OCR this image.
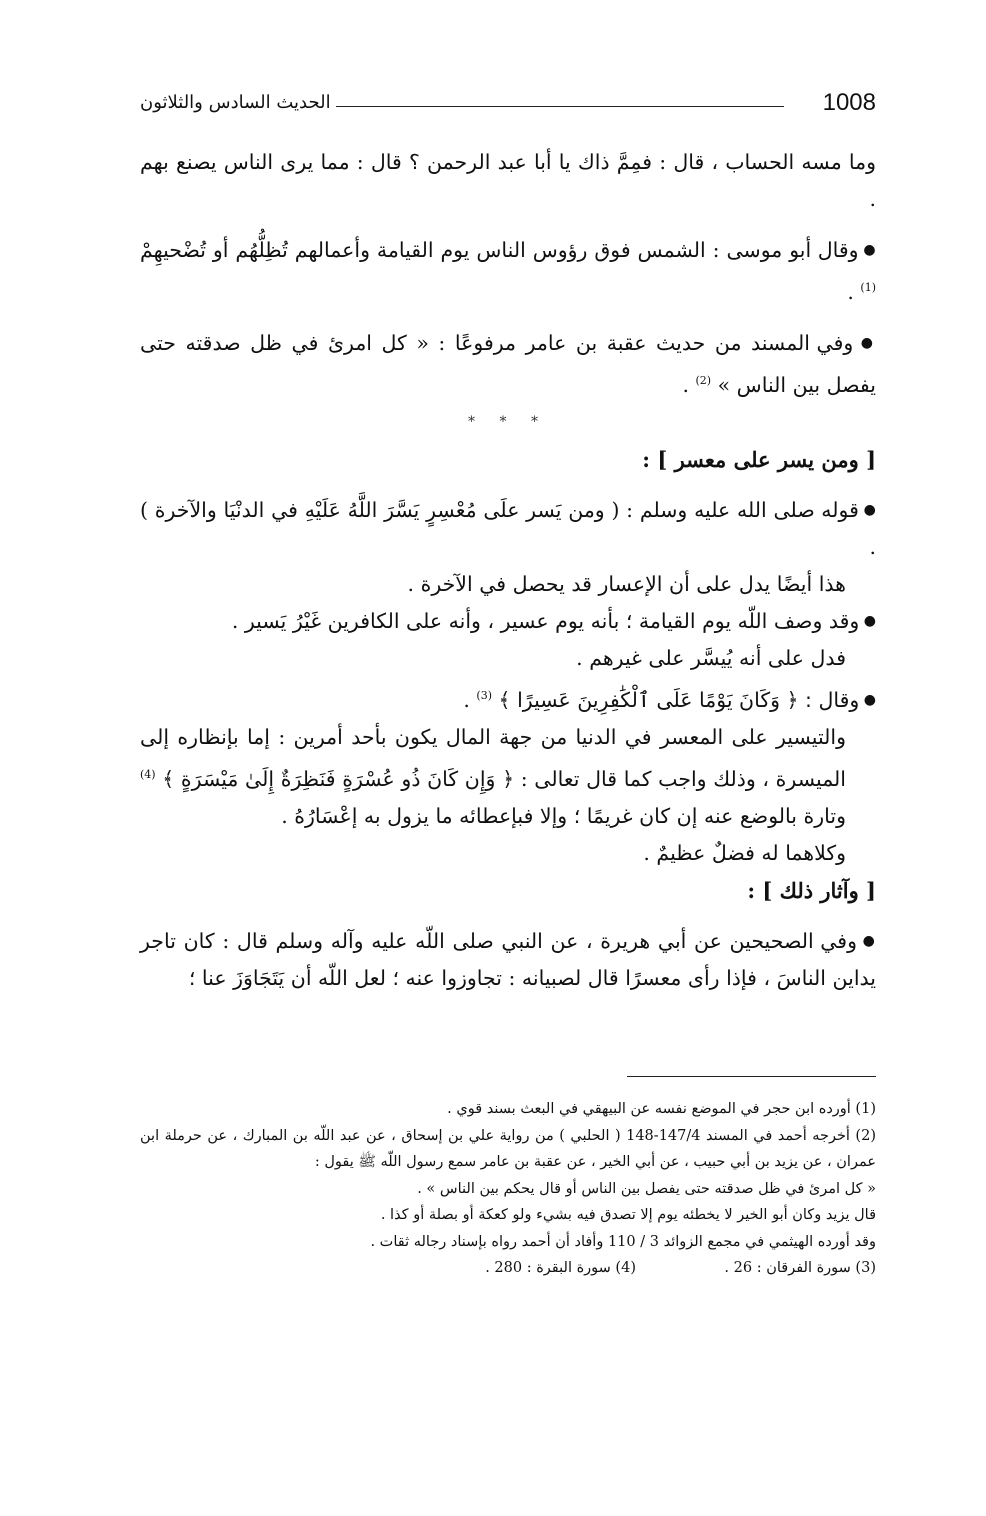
1008
الحديث السادس والثلاثون

وما مسه الحساب ، قال : فمِمَّ ذاك يا أبا عبد الرحمن ؟ قال : مما يرى الناس يصنع بهم .

● وقال أبو موسى : الشمس فوق رؤوس الناس يوم القيامة وأعمالهم تُظِلُّهُم أو تُضْحيهِمْ $^{(1)}$ .

● وفي المسند من حديث عقبة بن عامر مرفوعًا : « كل امرئ في ظل صدقته حتى يفصل بين الناس » $^{(2)}$ .

* * *

[ ومن يسر على معسر ] :

● قوله صلى الله عليه وسلم : ( ومن يَسر علَى مُعْسِرٍ يَسَّرَ اللَّهُ عَلَيْهِ في الدنْيَا والآخرة ) .

هذا أيضًا يدل على أن الإعسار قد يحصل في الآخرة .

● وقد وصف اللّه يوم القيامة ؛ بأنه يوم عسير ، وأنه على الكافرين غَيْرُ يَسير .

فدل على أنه يُيسَّر على غيرهم .

● وقال : ﴿ وَكَانَ يَوْمًا عَلَى ٱلْكَٰفِرِينَ عَسِيرًا ﴾ $^{(3)}$ .

والتيسير على المعسر في الدنيا من جهة المال يكون بأحد أمرين : إما بإنظاره إلى الميسرة ، وذلك واجب كما قال تعالى : ﴿ وَإِن كَانَ ذُو عُسْرَةٍ فَنَظِرَةٌ إِلَىٰ مَيْسَرَةٍ ﴾ $^{(4)}$ وتارة بالوضع عنه إن كان غريمًا ؛ وإلا فبإعطائه ما يزول به إعْسَارُهُ .

وكلاهما له فضلٌ عظيمٌ .

[ وآثار ذلك ] :

● وفي الصحيحين عن أبي هريرة ، عن النبي صلى اللّه عليه وآله وسلم قال : كان تاجر يداين الناسَ ، فإذا رأى معسرًا قال لصبيانه : تجاوزوا عنه ؛ لعل اللّه أن يَتَجَاوَزَ عنا ؛

(1) أورده ابن حجر في الموضع نفسه عن البيهقي في البعث بسند قوي .

(2) أخرجه أحمد في المسند 147/4-148 ( الحلبي ) من رواية علي بن إسحاق ، عن عبد اللّه بن المبارك ، عن حرملة ابن عمران ، عن يزيد بن أبي حبيب ، عن أبي الخير ، عن عقبة بن عامر سمع رسول اللّه ﷺ يقول :

« كل امرئ في ظل صدقته حتى يفصل بين الناس أو قال يحكم بين الناس » .

قال يزيد وكان أبو الخير لا يخطئه يوم إلا تصدق فيه بشيء ولو كعكة أو بصلة أو كذا .

وقد أورده الهيثمي في مجمع الزوائد 3 / 110 وأفاد أن أحمد رواه بإسناد رجاله ثقات .

(3) سورة الفرقان : 26 .
(4) سورة البقرة : 280 .
